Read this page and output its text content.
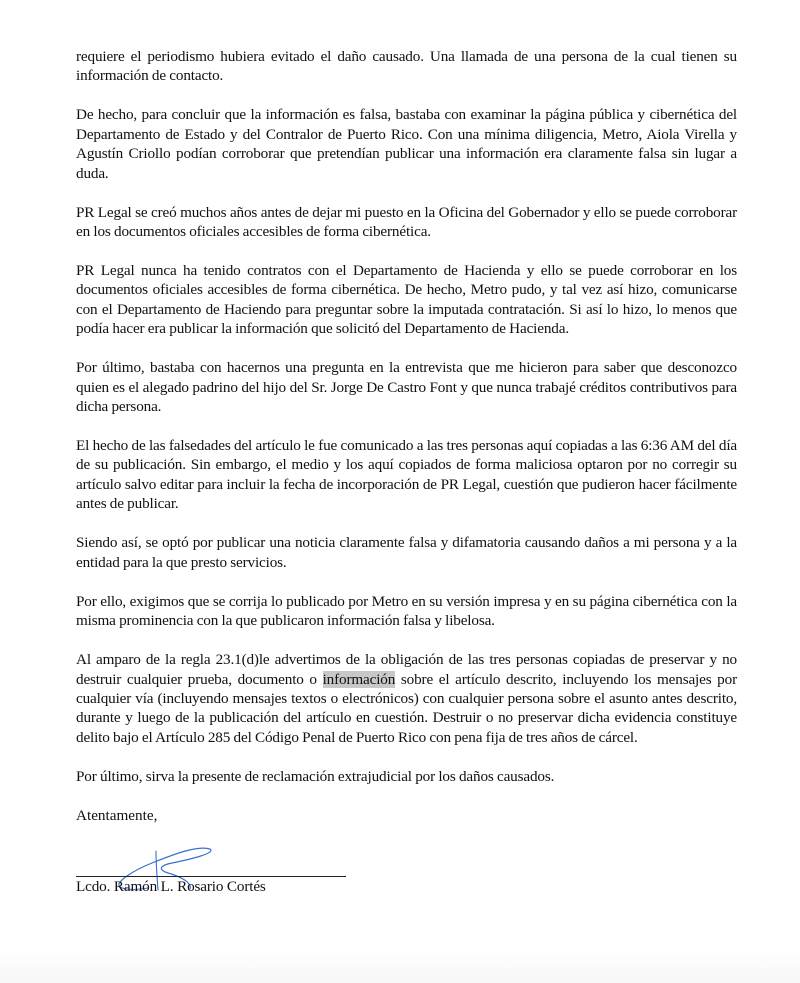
requiere el periodismo hubiera evitado el daño causado. Una llamada de una persona de la cual tienen su información de contacto.

De hecho, para concluir que la información es falsa, bastaba con examinar la página pública y cibernética del Departamento de Estado y del Contralor de Puerto Rico. Con una mínima diligencia, Metro, Aiola Virella y Agustín Criollo podían corroborar que pretendían publicar una información era claramente falsa sin lugar a duda.

PR Legal se creó muchos años antes de dejar mi puesto en la Oficina del Gobernador y ello se puede corroborar en los documentos oficiales accesibles de forma cibernética.

PR Legal nunca ha tenido contratos con el Departamento de Hacienda y ello se puede corroborar en los documentos oficiales accesibles de forma cibernética. De hecho, Metro pudo, y tal vez así hizo, comunicarse con el Departamento de Haciendo para preguntar sobre la imputada contratación. Si así lo hizo, lo menos que podía hacer era publicar la información que solicitó del Departamento de Hacienda.

Por último, bastaba con hacernos una pregunta en la entrevista que me hicieron para saber que desconozco quien es el alegado padrino del hijo del Sr. Jorge De Castro Font y que nunca trabajé créditos contributivos para dicha persona.

El hecho de las falsedades del artículo le fue comunicado a las tres personas aquí copiadas a las 6:36 AM del día de su publicación. Sin embargo, el medio y los aquí copiados de forma maliciosa optaron por no corregir su artículo salvo editar para incluir la fecha de incorporación de PR Legal, cuestión que pudieron hacer fácilmente antes de publicar.

Siendo así, se optó por publicar una noticia claramente falsa y difamatoria causando daños a mi persona y a la entidad para la que presto servicios.

Por ello, exigimos que se corrija lo publicado por Metro en su versión impresa y en su página cibernética con la misma prominencia con la que publicaron información falsa y libelosa.

Al amparo de la regla 23.1(d)le advertimos de la obligación de las tres personas copiadas de preservar y no destruir cualquier prueba, documento o información sobre el artículo descrito, incluyendo los mensajes por cualquier vía (incluyendo mensajes textos o electrónicos) con cualquier persona sobre el asunto antes descrito, durante y luego de la publicación del artículo en cuestión. Destruir o no preservar dicha evidencia constituye delito bajo el Artículo 285 del Código Penal de Puerto Rico con pena fija de tres años de cárcel.

Por último, sirva la presente de reclamación extrajudicial por los daños causados.

Atentamente,

Lcdo. Ramón L. Rosario Cortés
